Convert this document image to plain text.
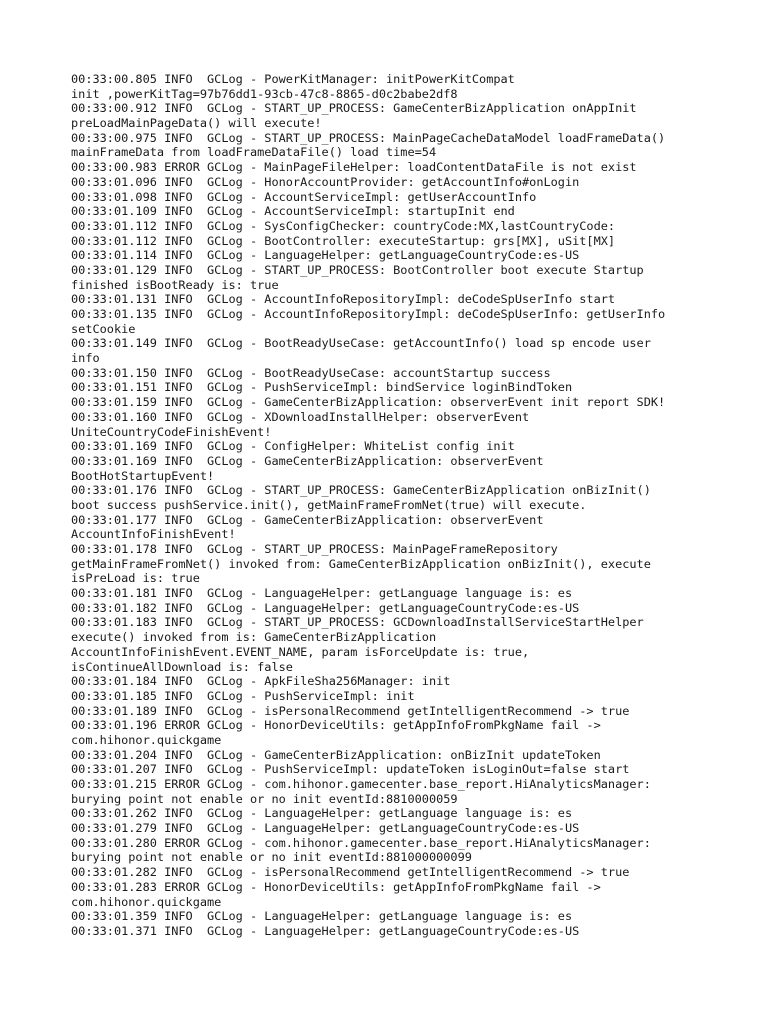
00:33:00.805 INFO  GCLog - PowerKitManager: initPowerKitCompat
init ,powerKitTag=97b76dd1-93cb-47c8-8865-d0c2babe2df8
00:33:00.912 INFO  GCLog - START_UP_PROCESS: GameCenterBizApplication onAppInit
preLoadMainPageData() will execute!
00:33:00.975 INFO  GCLog - START_UP_PROCESS: MainPageCacheDataModel loadFrameData()
mainFrameData from loadFrameDataFile() load time=54
00:33:00.983 ERROR GCLog - MainPageFileHelper: loadContentDataFile is not exist
00:33:01.096 INFO  GCLog - HonorAccountProvider: getAccountInfo#onLogin
00:33:01.098 INFO  GCLog - AccountServiceImpl: getUserAccountInfo
00:33:01.109 INFO  GCLog - AccountServiceImpl: startupInit end
00:33:01.112 INFO  GCLog - SysConfigChecker: countryCode:MX,lastCountryCode:
00:33:01.112 INFO  GCLog - BootController: executeStartup: grs[MX], uSit[MX]
00:33:01.114 INFO  GCLog - LanguageHelper: getLanguageCountryCode:es-US
00:33:01.129 INFO  GCLog - START_UP_PROCESS: BootController boot execute Startup
finished isBootReady is: true
00:33:01.131 INFO  GCLog - AccountInfoRepositoryImpl: deCodeSpUserInfo start
00:33:01.135 INFO  GCLog - AccountInfoRepositoryImpl: deCodeSpUserInfo: getUserInfo
setCookie
00:33:01.149 INFO  GCLog - BootReadyUseCase: getAccountInfo() load sp encode user
info
00:33:01.150 INFO  GCLog - BootReadyUseCase: accountStartup success
00:33:01.151 INFO  GCLog - PushServiceImpl: bindService loginBindToken
00:33:01.159 INFO  GCLog - GameCenterBizApplication: observerEvent init report SDK!
00:33:01.160 INFO  GCLog - XDownloadInstallHelper: observerEvent
UniteCountryCodeFinishEvent!
00:33:01.169 INFO  GCLog - ConfigHelper: WhiteList config init
00:33:01.169 INFO  GCLog - GameCenterBizApplication: observerEvent
BootHotStartupEvent!
00:33:01.176 INFO  GCLog - START_UP_PROCESS: GameCenterBizApplication onBizInit()
boot success pushService.init(), getMainFrameFromNet(true) will execute.
00:33:01.177 INFO  GCLog - GameCenterBizApplication: observerEvent
AccountInfoFinishEvent!
00:33:01.178 INFO  GCLog - START_UP_PROCESS: MainPageFrameRepository
getMainFrameFromNet() invoked from: GameCenterBizApplication onBizInit(), execute
isPreLoad is: true
00:33:01.181 INFO  GCLog - LanguageHelper: getLanguage language is: es
00:33:01.182 INFO  GCLog - LanguageHelper: getLanguageCountryCode:es-US
00:33:01.183 INFO  GCLog - START_UP_PROCESS: GCDownloadInstallServiceStartHelper
execute() invoked from is: GameCenterBizApplication
AccountInfoFinishEvent.EVENT_NAME, param isForceUpdate is: true,
isContinueAllDownload is: false
00:33:01.184 INFO  GCLog - ApkFileSha256Manager: init
00:33:01.185 INFO  GCLog - PushServiceImpl: init
00:33:01.189 INFO  GCLog - isPersonalRecommend getIntelligentRecommend -> true
00:33:01.196 ERROR GCLog - HonorDeviceUtils: getAppInfoFromPkgName fail ->
com.hihonor.quickgame
00:33:01.204 INFO  GCLog - GameCenterBizApplication: onBizInit updateToken
00:33:01.207 INFO  GCLog - PushServiceImpl: updateToken isLoginOut=false start
00:33:01.215 ERROR GCLog - com.hihonor.gamecenter.base_report.HiAnalyticsManager:
burying point not enable or no init eventId:8810000059
00:33:01.262 INFO  GCLog - LanguageHelper: getLanguage language is: es
00:33:01.279 INFO  GCLog - LanguageHelper: getLanguageCountryCode:es-US
00:33:01.280 ERROR GCLog - com.hihonor.gamecenter.base_report.HiAnalyticsManager:
burying point not enable or no init eventId:881000000099
00:33:01.282 INFO  GCLog - isPersonalRecommend getIntelligentRecommend -> true
00:33:01.283 ERROR GCLog - HonorDeviceUtils: getAppInfoFromPkgName fail ->
com.hihonor.quickgame
00:33:01.359 INFO  GCLog - LanguageHelper: getLanguage language is: es
00:33:01.371 INFO  GCLog - LanguageHelper: getLanguageCountryCode:es-US
